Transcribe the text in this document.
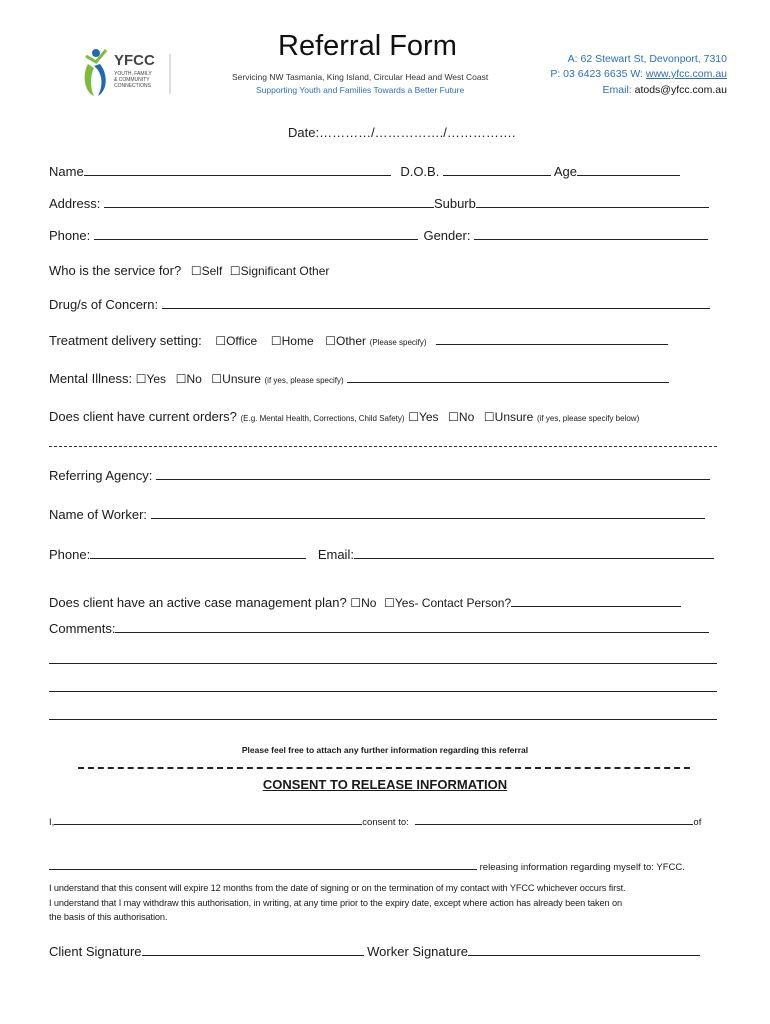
YFCC
YOUTH, FAMILY
& COMMUNITY
CONNECTIONS
Referral Form
Servicing NW Tasmania, King Island, Circular Head and West Coast
Supporting Youth and Families Towards a Better Future
A: 62 Stewart St, Devonport, 7310
P: 03 6423 6635 W: www.yfcc.com.au
Email: atods@yfcc.com.au
Date:…………/……………./…………….
Name	D.O.B.	Age
Address:	Suburb
Phone:	Gender:
Who is the service for? ☐Self ☐Significant Other
Drug/s of Concern:
Treatment delivery setting: ☐Office ☐Home ☐Other (Please specify)
Mental Illness: ☐Yes ☐No ☐Unsure (if yes, please specify)
Does client have current orders? (E.g. Mental Health, Corrections, Child Safety) ☐Yes ☐No ☐Unsure (if yes, please specify below)
Referring Agency:
Name of Worker:
Phone:	Email:
Does client have an active case management plan? ☐No ☐Yes- Contact Person?
Comments:
Please feel free to attach any further information regarding this referral
CONSENT TO RELEASE INFORMATION
I,	consent to:	of
releasing information regarding myself to: YFCC.
I understand that this consent will expire 12 months from the date of signing or on the termination of my contact with YFCC whichever occurs first.
I understand that I may withdraw this authorisation, in writing, at any time prior to the expiry date, except where action has already been taken on
the basis of this authorisation.
Client Signature	Worker Signature
